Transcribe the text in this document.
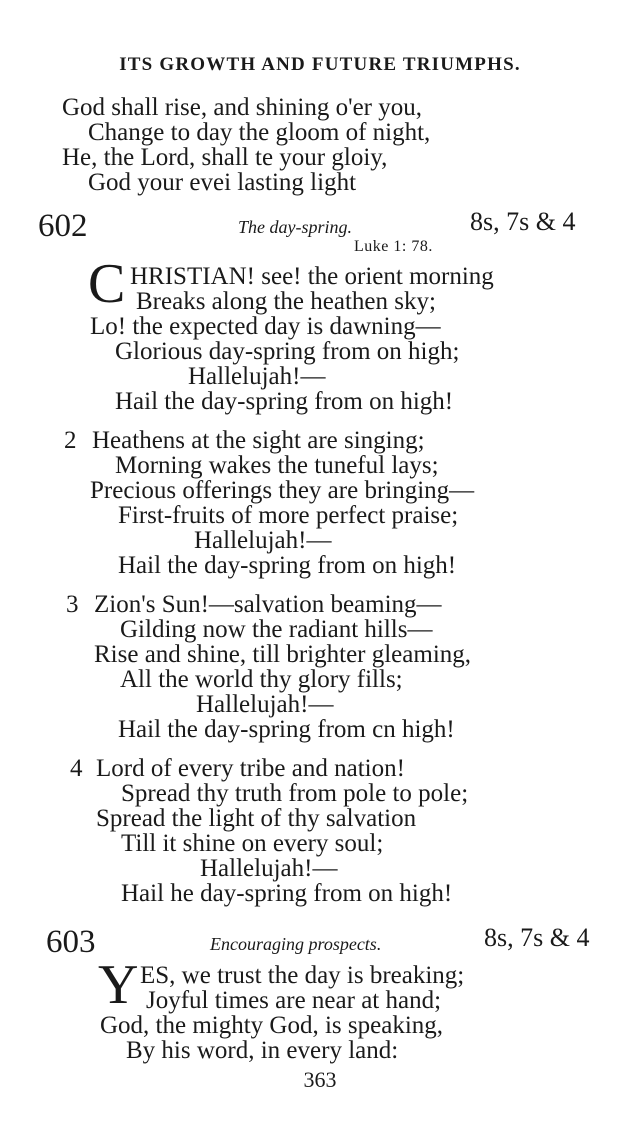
ITS GROWTH AND FUTURE TRIUMPHS.
God shall rise, and shining o'er you,
Change to day the gloom of night,
He, the Lord, shall te your gloiy,
God your evei lasting light
602	The day-spring.	8s, 7s & 4
Luke 1: 78.
C HRISTIAN! see! the orient morning
Breaks along the heathen sky;
Lo! the expected day is dawning—
Glorious day-spring from on high;
Hallelujah!—
Hail the day-spring from on high!
2 Heathens at the sight are singing;
Morning wakes the tuneful lays;
Precious offerings they are bringing—
First-fruits of more perfect praise;
Hallelujah!—
Hail the day-spring from on high!
3 Zion's Sun!—salvation beaming—
Gilding now the radiant hills—
Rise and shine, till brighter gleaming,
All the world thy glory fills;
Hallelujah!—
Hail the day-spring from cn high!
4 Lord of every tribe and nation!
Spread thy truth from pole to pole;
Spread the light of thy salvation
Till it shine on every soul;
Hallelujah!—
Hail he day-spring from on high!
603	Encouraging prospects.	8s, 7s & 4
Y ES, we trust the day is breaking;
Joyful times are near at hand;
God, the mighty God, is speaking,
By his word, in every land:
363
